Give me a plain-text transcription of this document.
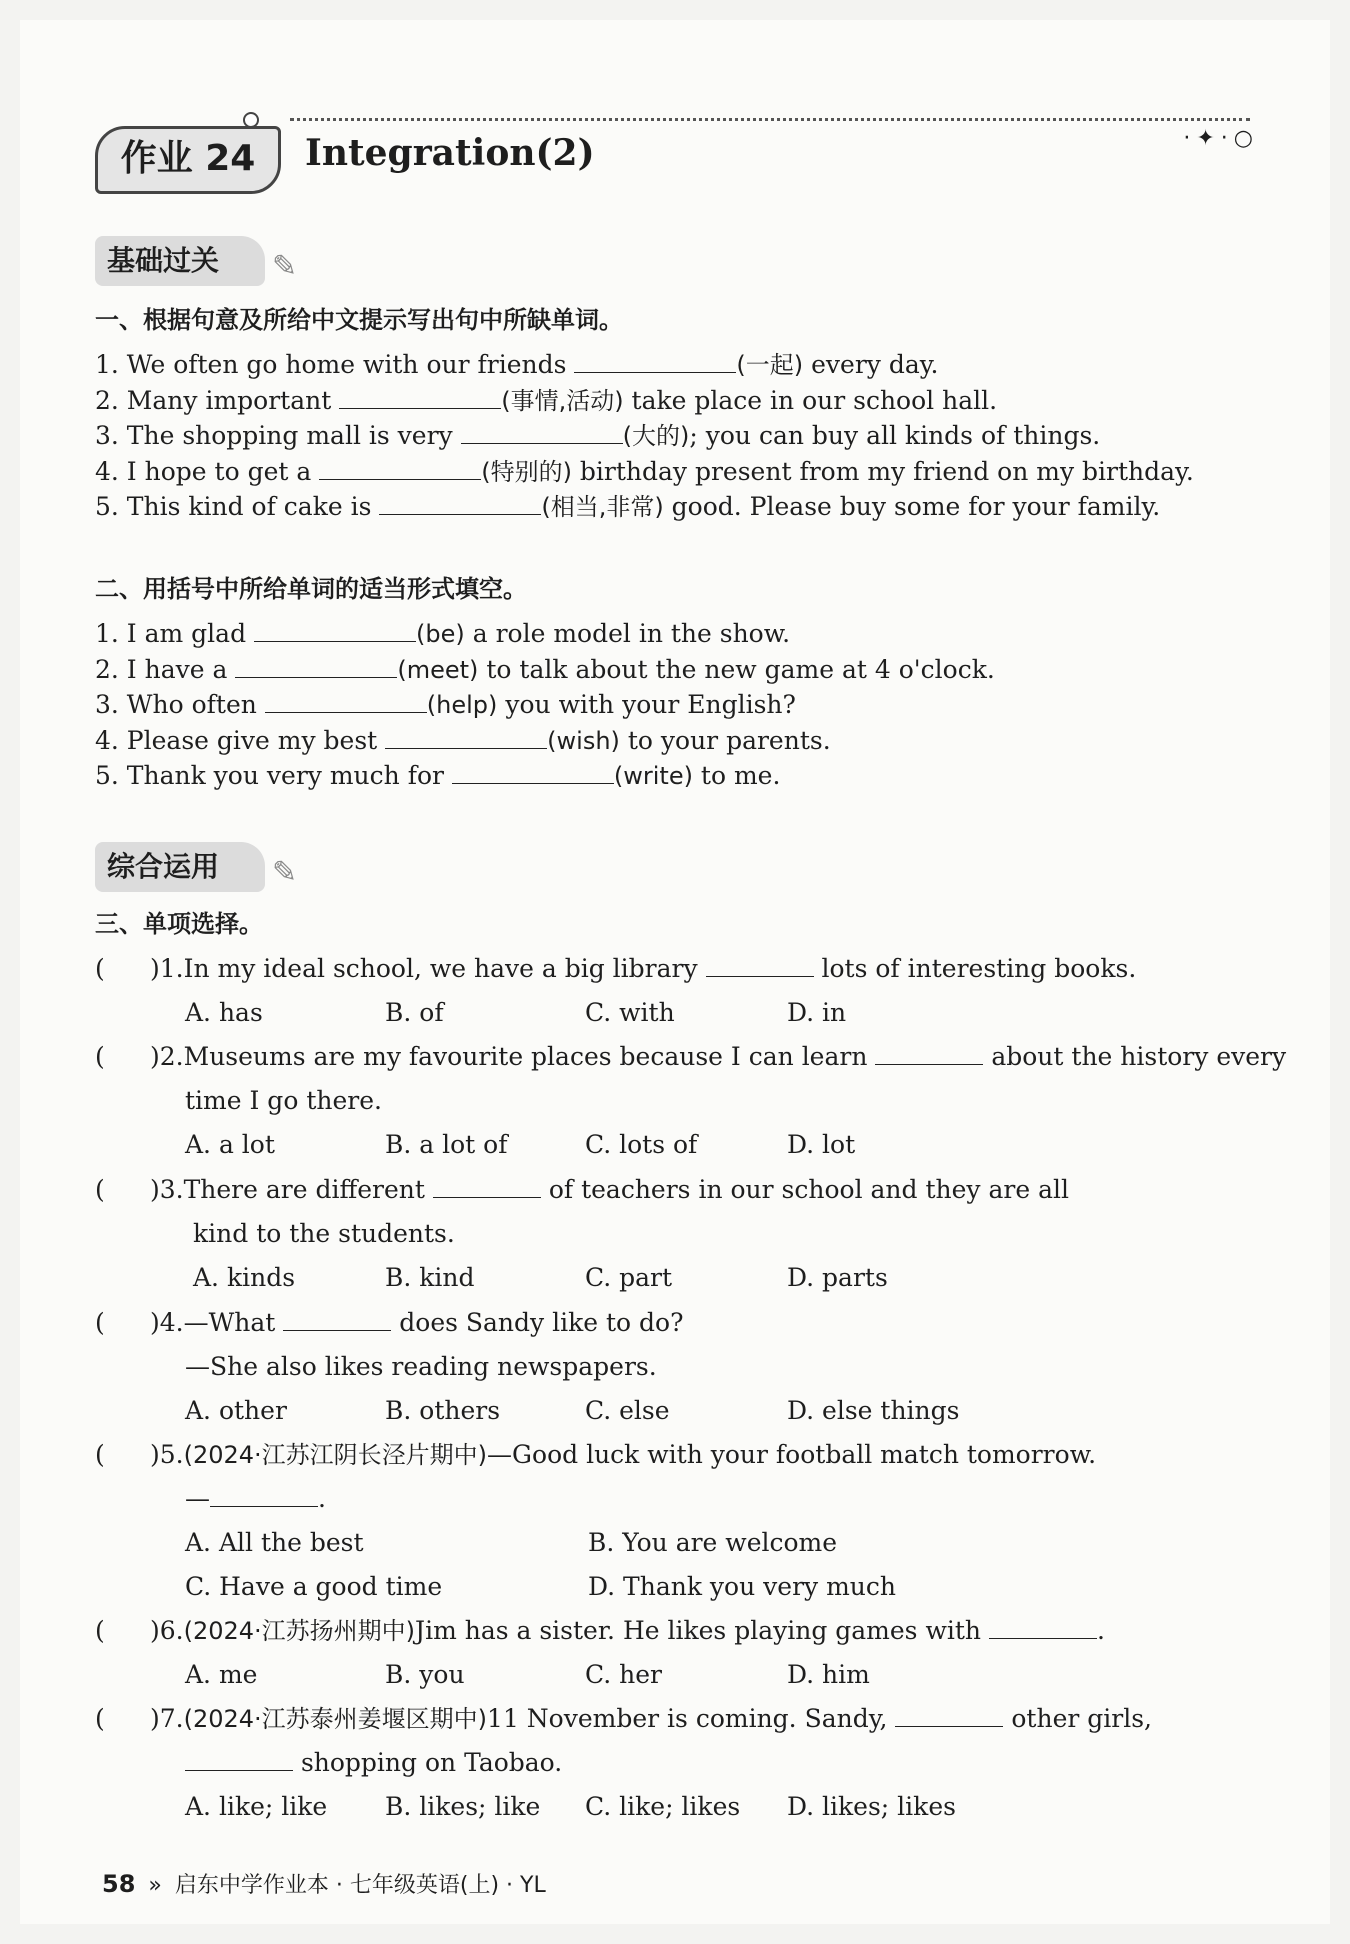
作业 24	Integration(2)	·✦·○
基础过关 ✎
一、根据句意及所给中文提示写出句中所缺单词。
1. We often go home with our friends	(一起) every day.
2. Many important	(事情,活动) take place in our school hall.
3. The shopping mall is very	(大的); you can buy all kinds of things.
4. I hope to get a	(特别的) birthday present from my friend on my birthday.
5. This kind of cake is	(相当,非常) good. Please buy some for your family.
二、用括号中所给单词的适当形式填空。
1. I am glad	(be) a role model in the show.
2. I have a	(meet) to talk about the new game at 4 o'clock.
3. Who often	(help) you with your English?
4. Please give my best	(wish) to your parents.
5. Thank you very much for	(write) to me.
综合运用 ✎
三、单项选择。
( )1.In my ideal school, we have a big library	lots of interesting books.
A. has	B. of	C. with	D. in
( )2.Museums are my favourite places because I can learn	about the history every
time I go there.
A. a lot	B. a lot of	C. lots of	D. lot
( )3.There are different	of teachers in our school and they are all
kind to the students.
A. kinds	B. kind	C. part	D. parts
( )4.—What	does Sandy like to do?
—She also likes reading newspapers.
A. other	B. others	C. else	D. else things
( )5.(2024·江苏江阴长泾片期中)—Good luck with your football match tomorrow.
—	.
A. All the best	B. You are welcome
C. Have a good time	D. Thank you very much
( )6.(2024·江苏扬州期中)Jim has a sister. He likes playing games with	.
A. me	B. you	C. her	D. him
( )7.(2024·江苏泰州姜堰区期中)11 November is coming. Sandy,	other girls,
shopping on Taobao.
A. like; like B. likes; like C. like; likes D. likes; likes
58 » 启东中学作业本 · 七年级英语(上) · YL
